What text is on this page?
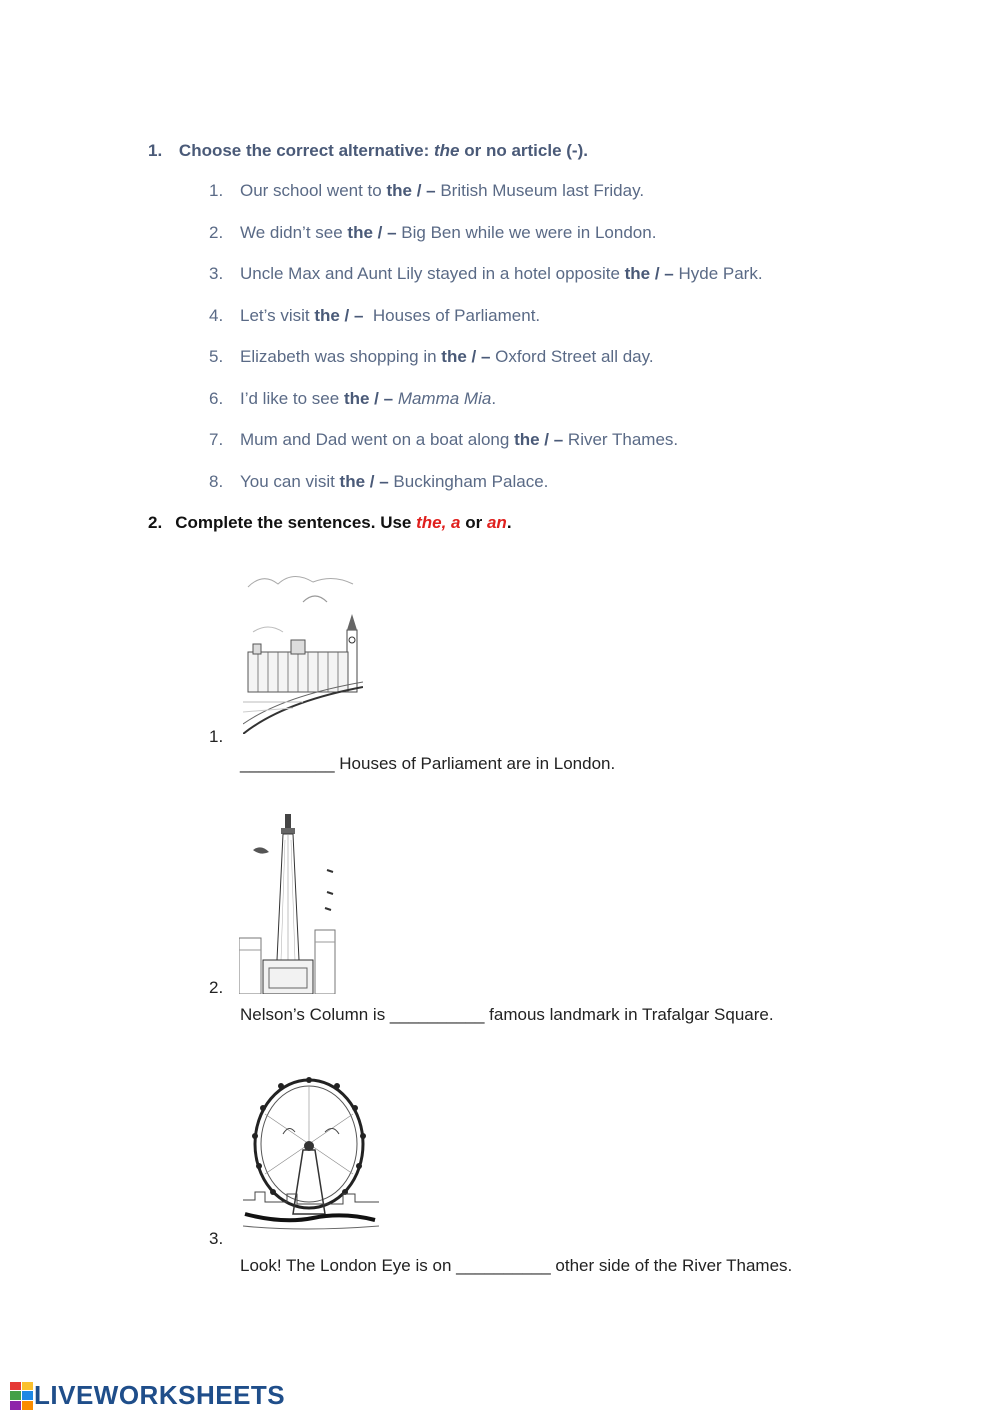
1. Choose the correct alternative: the or no article (-).
1. Our school went to the / – British Museum last Friday.
2. We didn’t see the / – Big Ben while we were in London.
3. Uncle Max and Aunt Lily stayed in a hotel opposite the / – Hyde Park.
4. Let’s visit the / –  Houses of Parliament.
5. Elizabeth was shopping in the / – Oxford Street all day.
6. I’d like to see the / – Mamma Mia.
7. Mum and Dad went on a boat along the / – River Thames.
8. You can visit the / – Buckingham Palace.
2. Complete the sentences. Use the, a or an.
1.
__________ Houses of Parliament are in London.
2.
Nelson’s Column is __________ famous landmark in Trafalgar Square.
3.
Look! The London Eye is on __________ other side of the River Thames.
LIVEWORKSHEETS
